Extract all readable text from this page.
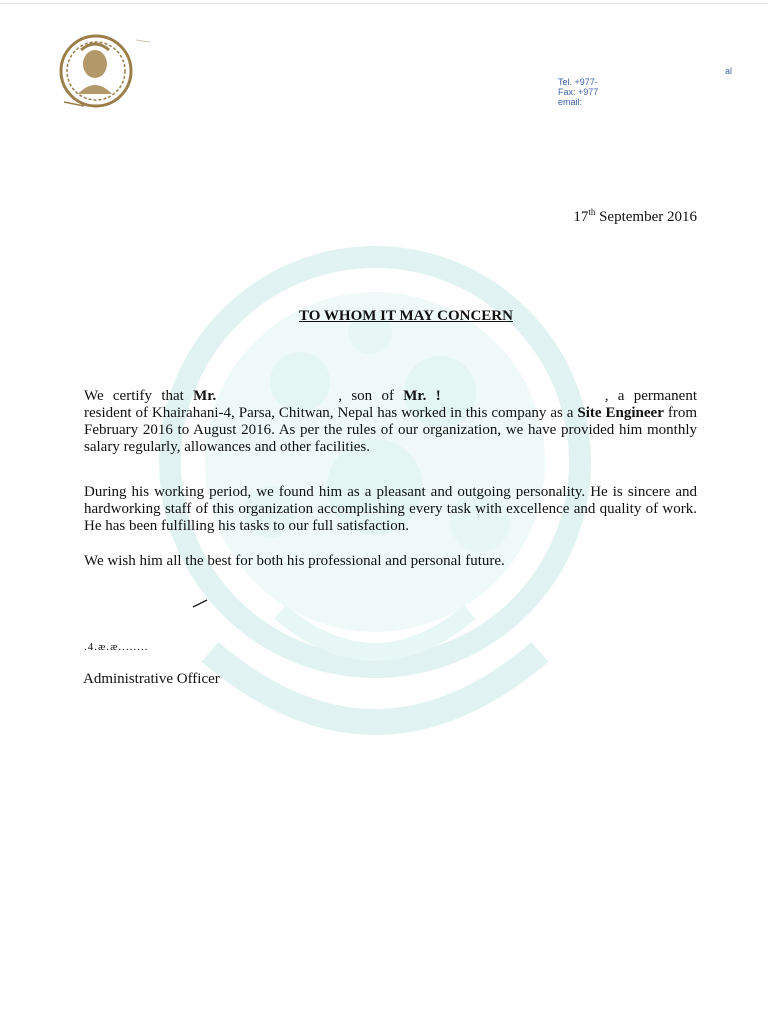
Tel. +977-
Fax: +977
email:
al
17th September 2016
TO WHOM IT MAY CONCERN
We certify that Mr.	, son of Mr. !	, a permanent resident of Khairahani-4, Parsa, Chitwan, Nepal has worked in this company as a Site Engineer from February 2016 to August 2016. As per the rules of our organization, we have provided him monthly salary regularly, allowances and other facilities.
During his working period, we found him as a pleasant and outgoing personality. He is sincere and hardworking staff of this organization accomplishing every task with excellence and quality of work. He has been fulfilling his tasks to our full satisfaction.
We wish him all the best for both his professional and personal future.
.4.æ.æ........
Administrative Officer
